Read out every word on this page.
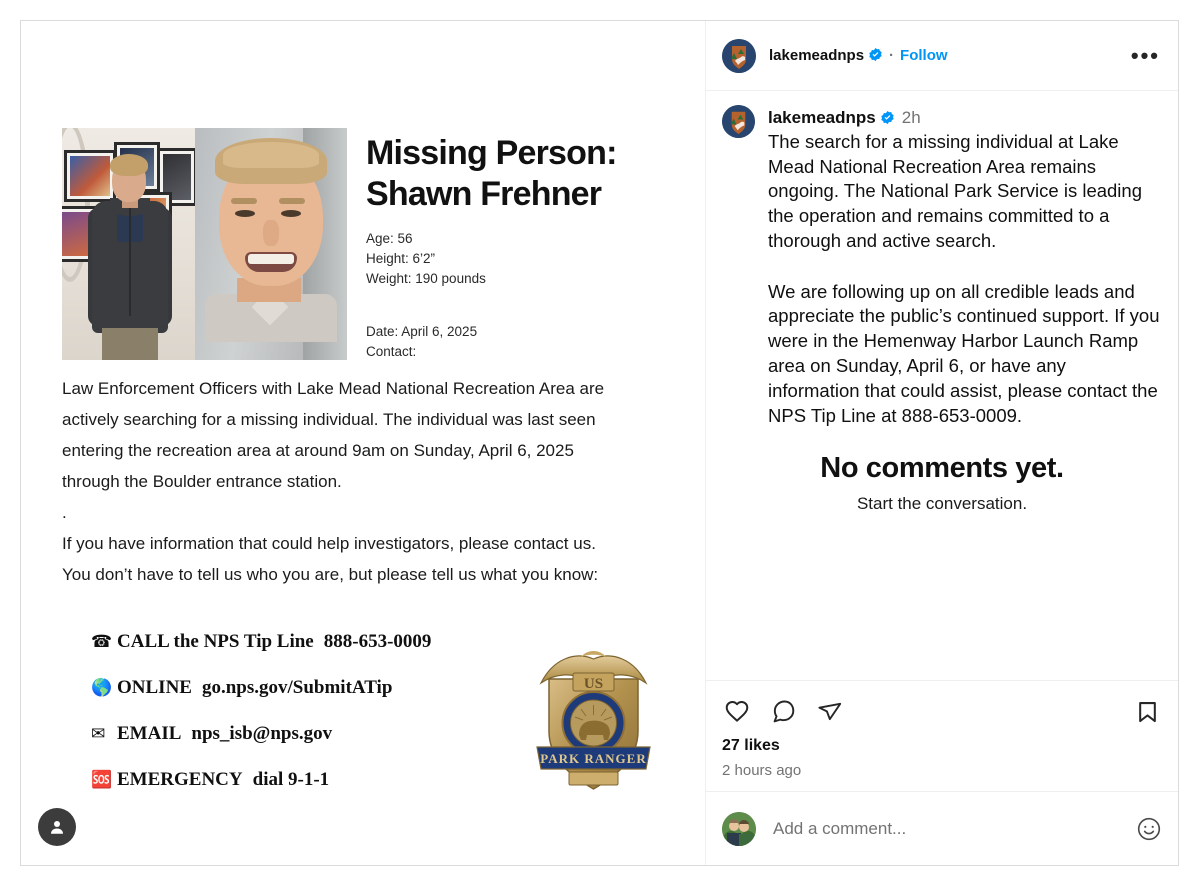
Missing Person:
Shawn Frehner
Age: 56
Height: 6’2”
Weight: 190 pounds
Date: April 6, 2025
Contact:

Law Enforcement Officers with Lake Mead National Recreation Area are

actively searching for a missing individual. The individual was last seen

entering the recreation area at around 9am on Sunday, April 6, 2025

through the Boulder entrance station.

.

If you have information that could help investigators, please contact us.

You don’t have to tell us who you are, but please tell us what you know:

☎ CALL the NPS Tip Line 888-653-0009
🌎 ONLINE go.nps.gov/SubmitATip
✉ EMAIL nps_isb@nps.gov
🆘 EMERGENCY dial 9-1-1
US
PARK RANGER
lakemeadnps · Follow	•••
lakemeadnps 2h

The search for a missing individual at Lake Mead National Recreation Area remains ongoing. The National Park Service is leading the operation and remains committed to a thorough and active search.

We are following up on all credible leads and appreciate the public’s continued support. If you were in the Hemenway Harbor Launch Ramp area on Sunday, April 6, or have any information that could assist, please contact the NPS Tip Line at 888-653-0009.

No comments yet.
Start the conversation.
27 likes
2 hours ago
Add a comment...
